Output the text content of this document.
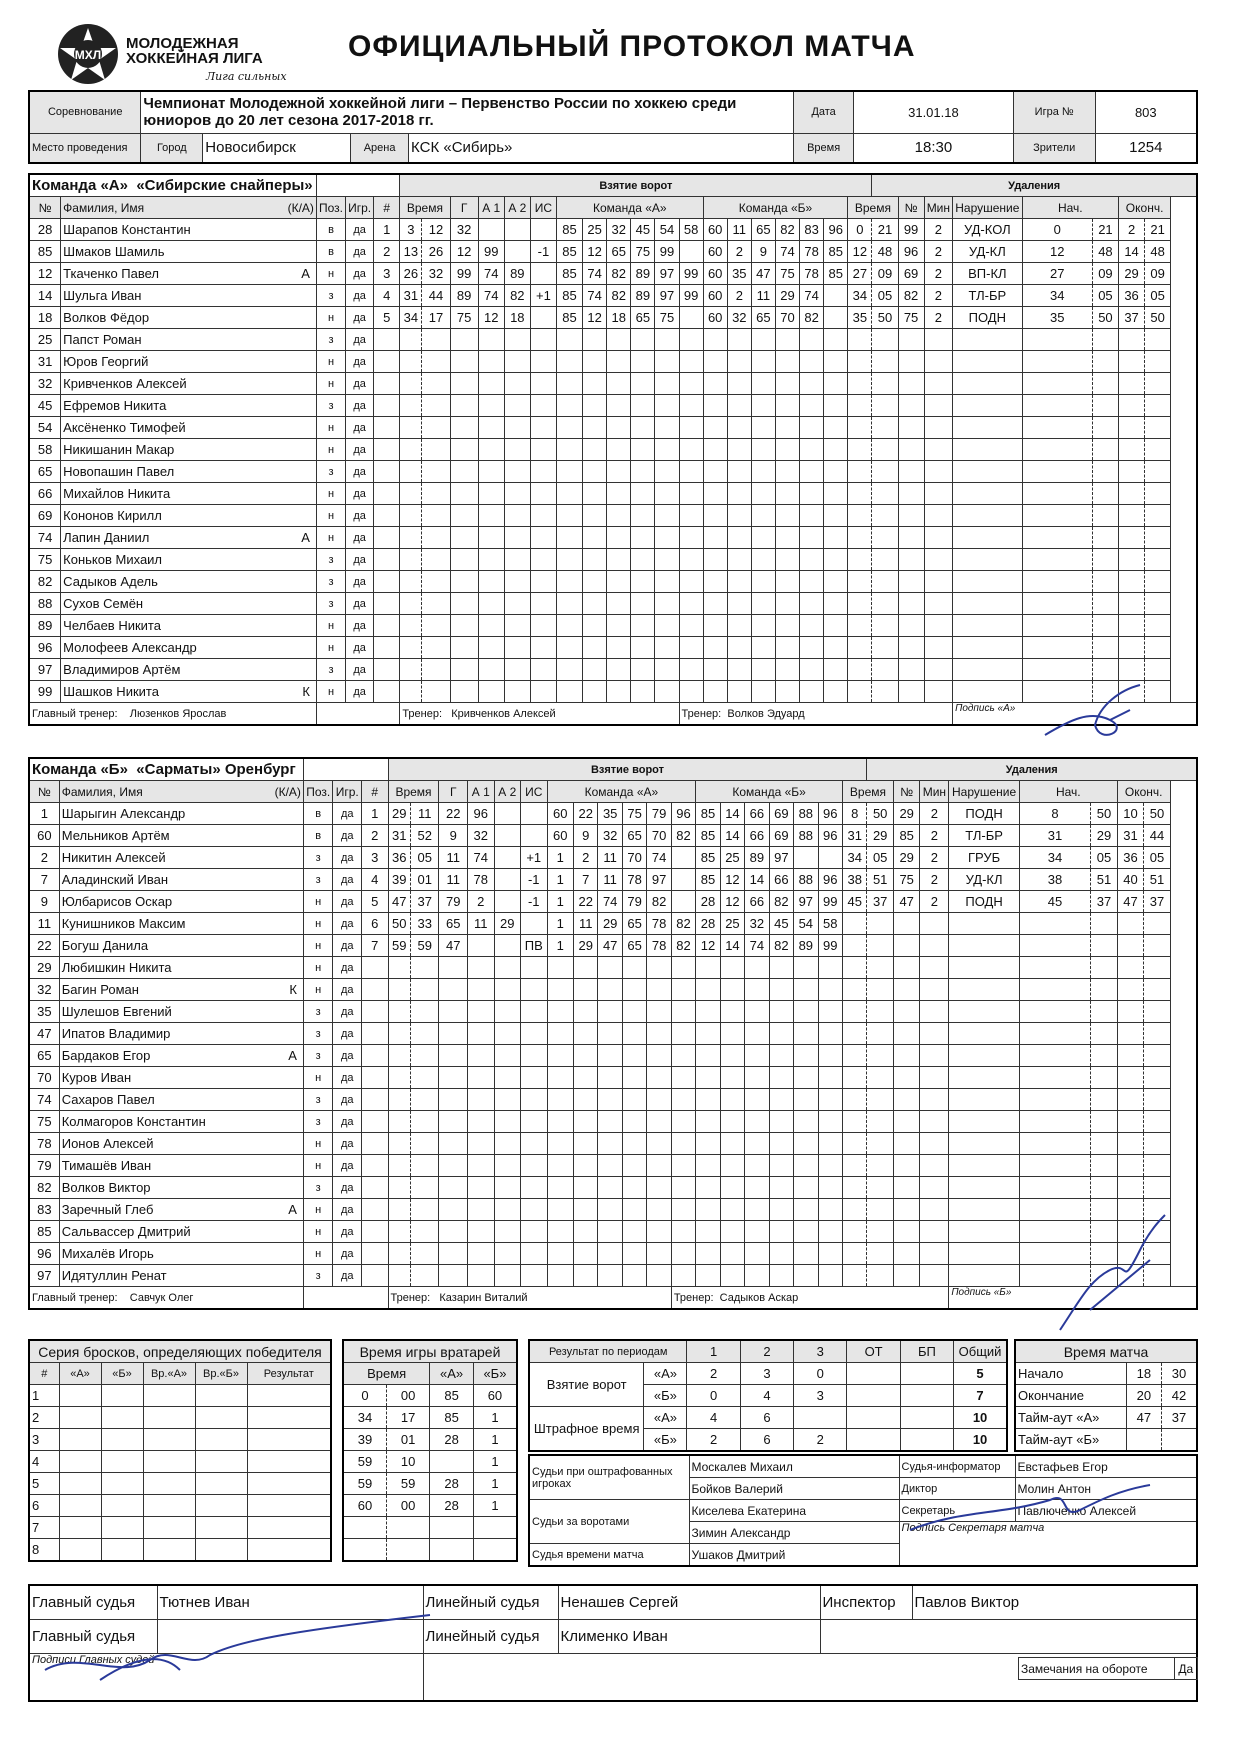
МХЛ
МОЛОДЕЖНАЯ
ХОККЕЙНАЯ ЛИГА
Лига сильных
ОФИЦИАЛЬНЫЙ ПРОТОКОЛ МАТЧА
Соревнование	Чемпионат Молодежной хоккейной лиги – Первенство России по хоккею среди юниоров до 20 лет сезона 2017-2018 гг.				Дата	31.01.18	Игра №	803
Место проведения	Город	Новосибирск	Арена	КСК «Сибирь»	Время	18:30	Зрители	1254
Команда «А» «Сибирские снайперы»					Взятие ворот																			Удаления							
№	Фамилия, Имя (К/А)	Поз.	Игр.	#	Время		Г	А 1	А 2	ИС	Команда «А»						Команда «Б»						Время		№	Мин	Нарушение	Нач.		Оконч.	
28	Шарапов Константин	в	да	1	3	12	32				85	25	32	45	54	58	60	11	65	82	83	96	0	21	99	2	УД-КОЛ	0	21	2	21
85	Шмаков Шамиль	в	да	2	13	26	12	99		-1	85	12	65	75	99		60	2	9	74	78	85	12	48	96	2	УД-КЛ	12	48	14	48
12	Ткаченко Павел А	н	да	3	26	32	99	74	89		85	74	82	89	97	99	60	35	47	75	78	85	27	09	69	2	ВП-КЛ	27	09	29	09
14	Шульга Иван	з	да	4	31	44	89	74	82	+1	85	74	82	89	97	99	60	2	11	29	74		34	05	82	2	ТЛ-БР	34	05	36	05
18	Волков Фёдор	н	да	5	34	17	75	12	18		85	12	18	65	75		60	32	65	70	82		35	50	75	2	ПОДН	35	50	37	50
25	Папст Роман	з	да																												
31	Юров Георгий	н	да																												
32	Кривченков Алексей	н	да																												
45	Ефремов Никита	з	да																												
54	Аксёненко Тимофей	н	да																												
58	Никишанин Макар	н	да																												
65	Новопашин Павел	з	да																												
66	Михайлов Никита	н	да																												
69	Кононов Кирилл	н	да																												
74	Лапин Даниил А	н	да																												
75	Коньков Михаил	з	да																												
82	Садыков Адель	з	да																												
88	Сухов Семён	з	да																												
89	Челбаев Никита	н	да																												
96	Молофеев Александр	н	да																												
97	Владимиров Артём	з	да																												
99	Шашков Никита К	н	да																												
Главный тренер: Люзенков Ярослав					Тренер: Кривченков Алексей											Тренер: Волков Эдуард											Подпись «А»				
Команда «Б» «Сарматы» Оренбург					Взятие ворот																			Удаления							
№	Фамилия, Имя (К/А)	Поз.	Игр.	#	Время		Г	А 1	А 2	ИС	Команда «А»						Команда «Б»						Время		№	Мин	Нарушение	Нач.		Оконч.	
1	Шарыгин Александр	в	да	1	29	11	22	96			60	22	35	75	79	96	85	14	66	69	88	96	8	50	29	2	ПОДН	8	50	10	50
60	Мельников Артём	в	да	2	31	52	9	32			60	9	32	65	70	82	85	14	66	69	88	96	31	29	85	2	ТЛ-БР	31	29	31	44
2	Никитин Алексей	з	да	3	36	05	11	74		+1	1	2	11	70	74		85	25	89	97			34	05	29	2	ГРУБ	34	05	36	05
7	Аладинский Иван	з	да	4	39	01	11	78		-1	1	7	11	78	97		85	12	14	66	88	96	38	51	75	2	УД-КЛ	38	51	40	51
9	Юлбарисов Оскар	н	да	5	47	37	79	2		-1	1	22	74	79	82		28	12	66	82	97	99	45	37	47	2	ПОДН	45	37	47	37
11	Кунишников Максим	н	да	6	50	33	65	11	29		1	11	29	65	78	82	28	25	32	45	54	58									
22	Богуш Данила	н	да	7	59	59	47			ПВ	1	29	47	65	78	82	12	14	74	82	89	99									
29	Любишкин Никита	н	да																												
32	Багин Роман К	н	да																												
35	Шулешов Евгений	з	да																												
47	Ипатов Владимир	з	да																												
65	Бардаков Егор А	з	да																												
70	Куров Иван	н	да																												
74	Сахаров Павел	з	да																												
75	Колмагоров Константин	з	да																												
78	Ионов Алексей	н	да																												
79	Тимашёв Иван	н	да																												
82	Волков Виктор	з	да																												
83	Заречный Глеб А	н	да																												
85	Сальвассер Дмитрий	н	да																												
96	Михалёв Игорь	н	да																												
97	Идятуллин Ренат	з	да																												
Главный тренер: Савчук Олег					Тренер: Казарин Виталий											Тренер: Садыков Аскар											Подпись «Б»				
Серия бросков, определяющих победителя					
#	«А»	«Б»	Вр.«А»	Вр.«Б»	Результат
1					
2					
3					
4					
5					
6					
7					
8					
Время игры вратарей			
Время		«А»	«Б»
0	00	85	60
34	17	85	1
39	01	28	1
59	10		1
59	59	28	1
60	00	28	1

Результат по периодам		1	2	3	ОТ	БП	Общий
Взятие ворот	«А»	2	3	0			5
	«Б»	0	4	3			7
Штрафное время	«А»	4	6				10
	«Б»	2	6	2			10
Время матча		
Начало	18	30
Окончание	20	42
Тайм-аут «А»	47	37
Тайм-аут «Б»		
Судьи при оштрафованных игроках	Москалев Михаил	Судья-информатор	Евстафьев Егор
	Бойков Валерий	Диктор	Молин Антон
Судьи за воротами	Киселева Екатерина	Секретарь	Павлюченко Алексей
	Зимин Александр	Подпись Секретаря матча	
Судья времени матча	Ушаков Дмитрий		
Главный судья	Тютнев Иван	Линейный судья	Ненашев Сергей	Инспектор	Павлов Виктор
Главный судья		Линейный судья	Клименко Иван		
Подписи Главных судей					
Замечания на обороте	Да
